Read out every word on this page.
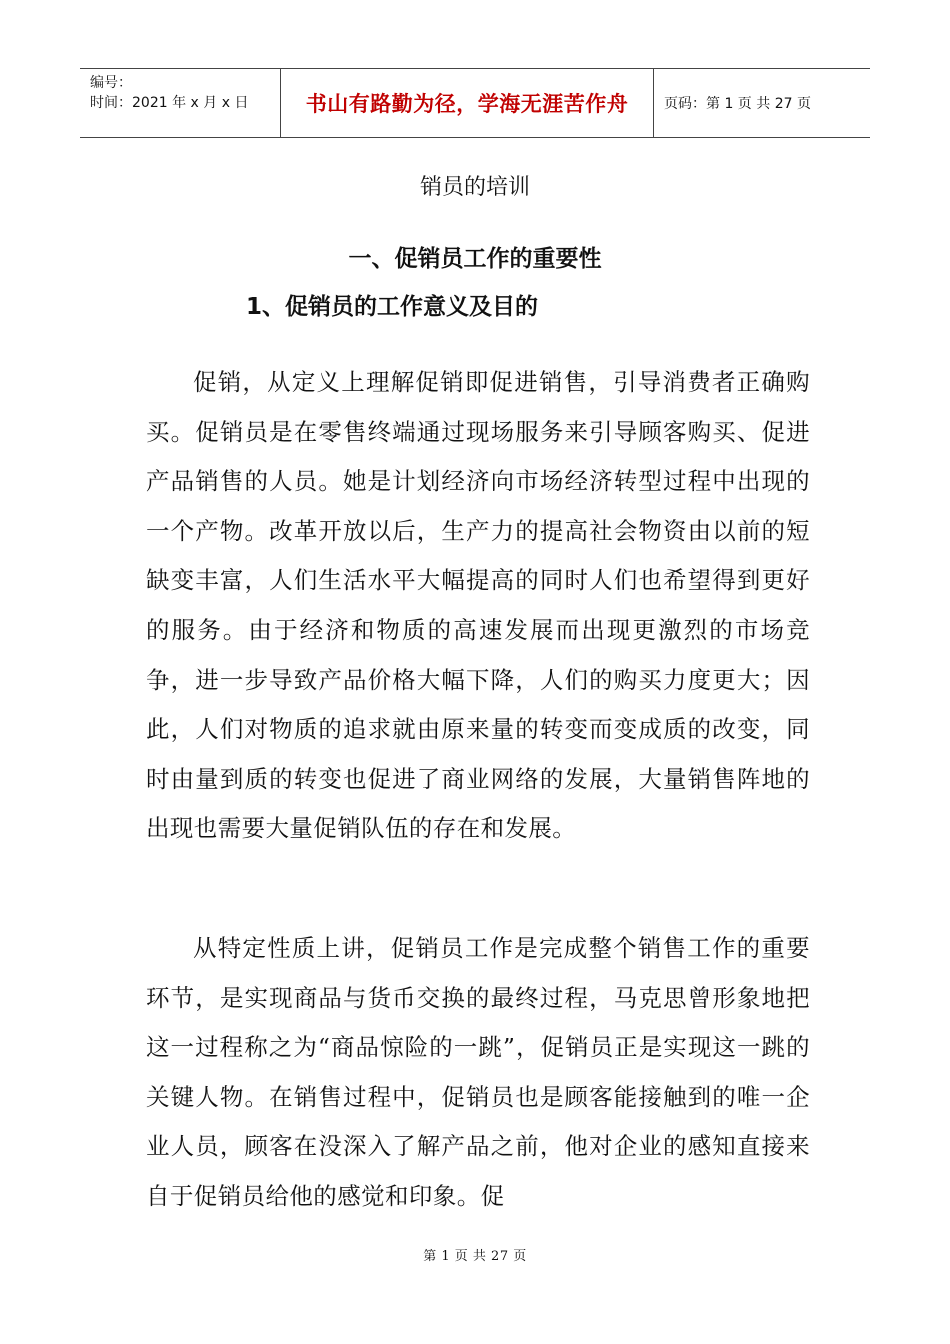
编号：
时间：2021 年 x 月 x 日	书山有路勤为径，学海无涯苦作舟	页码：第 1 页 共 27 页
销员的培训
一、促销员工作的重要性
1、促销员的工作意义及目的
促销，从定义上理解促销即促进销售，引导消费者正确购买。促销员是在零售终端通过现场服务来引导顾客购买、促进产品销售的人员。她是计划经济向市场经济转型过程中出现的一个产物。改革开放以后，生产力的提高社会物资由以前的短缺变丰富，人们生活水平大幅提高的同时人们也希望得到更好的服务。由于经济和物质的高速发展而出现更激烈的市场竞争，进一步导致产品价格大幅下降，人们的购买力度更大；因此，人们对物质的追求就由原来量的转变而变成质的改变，同时由量到质的转变也促进了商业网络的发展，大量销售阵地的出现也需要大量促销队伍的存在和发展。
从特定性质上讲，促销员工作是完成整个销售工作的重要环节，是实现商品与货币交换的最终过程，马克思曾形象地把这一过程称之为“商品惊险的一跳”，促销员正是实现这一跳的关键人物。在销售过程中，促销员也是顾客能接触到的唯一企业人员，顾客在没深入了解产品之前，他对企业的感知直接来自于促销员给他的感觉和印象。促
第 1 页 共 27 页
